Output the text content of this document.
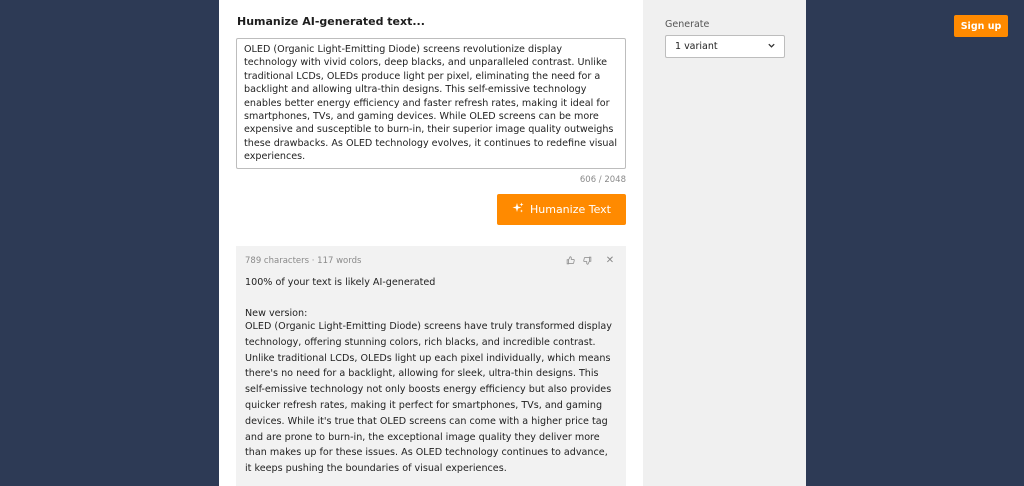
Humanize AI-generated text...
OLED (Organic Light-Emitting Diode) screens revolutionize display technology with vivid colors, deep blacks, and unparalleled contrast. Unlike traditional LCDs, OLEDs produce light per pixel, eliminating the need for a backlight and allowing ultra-thin designs. This self-emissive technology enables better energy efficiency and faster refresh rates, making it ideal for smartphones, TVs, and gaming devices. While OLED screens can be more expensive and susceptible to burn-in, their superior image quality outweighs these drawbacks. As OLED technology evolves, it continues to redefine visual experiences.
606 / 2048
Humanize Text
789 characters · 117 words	✕
100% of your text is likely AI-generated
New version:
OLED (Organic Light-Emitting Diode) screens have truly transformed display technology, offering stunning colors, rich blacks, and incredible contrast. Unlike traditional LCDs, OLEDs light up each pixel individually, which means there's no need for a backlight, allowing for sleek, ultra-thin designs. This self-emissive technology not only boosts energy efficiency but also provides quicker refresh rates, making it perfect for smartphones, TVs, and gaming devices. While it's true that OLED screens can come with a higher price tag and are prone to burn-in, the exceptional image quality they deliver more than makes up for these issues. As OLED technology continues to advance, it keeps pushing the boundaries of visual experiences.
Generate
1 variant
Sign up
